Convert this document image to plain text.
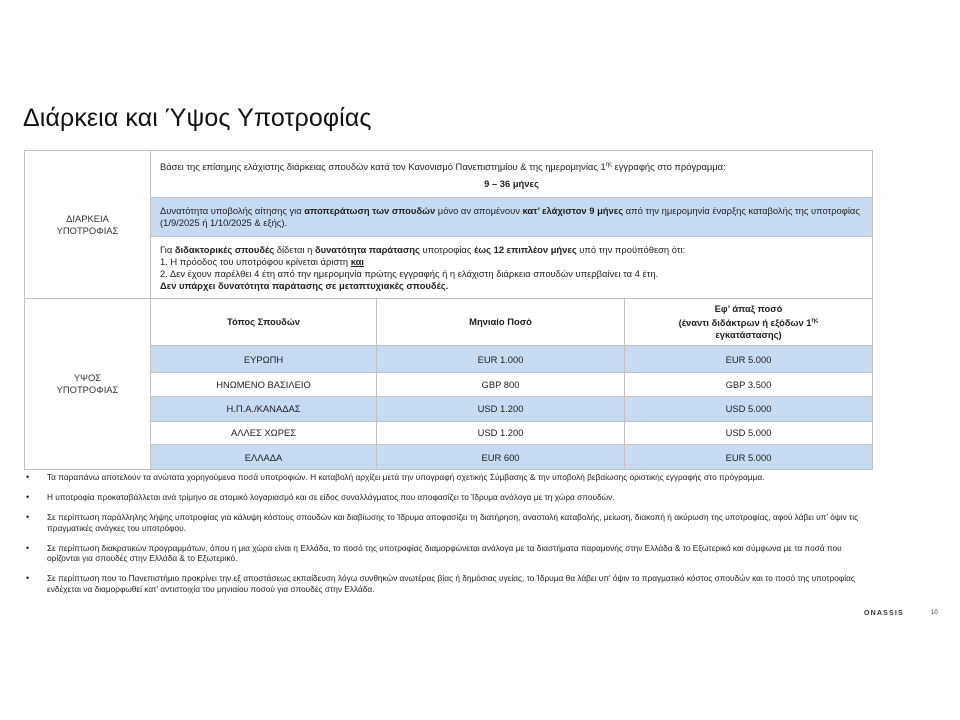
Διάρκεια και Ύψος Υποτροφίας
ΔΙΑΡΚΕΙΑ ΥΠΟΤΡΟΦΙΑΣ	Βάσει της επίσημης ελάχιστης διάρκειας σπουδών κατά τον Κανονισμό Πανεπιστημίου & της ημερομηνίας $1^{\eta\varsigma}$ εγγραφής στο πρόγραμμα:
9 – 36 μήνες		

	Δυνατότητα υποβολής αίτησης για αποπεράτωση των σπουδών μόνο αν απομένουν κατ’ ελάχιστον 9 μήνες από την ημερομηνία έναρξης καταβολής της υποτροφίας (1/9/2025 ή 1/10/2025 & εξής).		

	Για διδακτορικές σπουδές δίδεται η δυνατότητα παράτασης υποτροφίας έως 12 επιπλέον μήνες υπό την προϋπόθεση ότι:
1. Η πρόοδος του υποτρόφου κρίνεται άριστη και
2. Δεν έχουν παρέλθει 4 έτη από την ημερομηνία πρώτης εγγραφής ή η ελάχιστη διάρκεια σπουδών υπερβαίνει τα 4 έτη.
Δεν υπάρχει δυνατότητα παράτασης σε μεταπτυχιακές σπουδές.		

ΥΨΟΣ ΥΠΟΤΡΟΦΙΑΣ	Τόπος Σπουδών	Μηνιαίο Ποσό	Εφ’ άπαξ ποσό
(έναντι διδάκτρων ή εξόδων $1^{\eta\varsigma}$
εγκατάστασης)

	ΕΥΡΩΠΗ	EUR 1.000	EUR 5.000
	ΗΝΩΜΕΝΟ ΒΑΣΙΛΕΙΟ	GBP 800	GBP 3.500
	Η.Π.Α./ΚΑΝΑΔΑΣ	USD 1.200	USD 5.000
	ΑΛΛΕΣ ΧΩΡΕΣ	USD 1.200	USD 5.000
	ΕΛΛΑΔΑ	EUR 600	EUR 5.000
• Τα παραπάνω αποτελούν τα ανώτατα χορηγούμενα ποσά υποτροφιών. Η καταβολή αρχίζει μετά την υπογραφή σχετικής Σύμβασης & την υποβολή βεβαίωσης οριστικής εγγραφής στο πρόγραμμα.
• Η υποτροφία προκαταβάλλεται ανά τρίμηνο σε ατομικό λογαριασμό και σε είδος συναλλάγματος που αποφασίζει το Ίδρυμα ανάλογα με τη χώρα σπουδών.
• Σε περίπτωση παράλληλης λήψης υποτροφίας για κάλυψη κόστους σπουδών και διαβίωσης το Ίδρυμα αποφασίζει τη διατήρηση, αναστολή καταβολής, μείωση, διακοπή ή ακύρωση της υποτροφίας, αφού λάβει υπ’ όψιν τις πραγματικές ανάγκες του υποτρόφου.
• Σε περίπτωση διακρατικών προγραμμάτων, όπου η μια χώρα είναι η Ελλάδα, το ποσό της υποτροφίας διαμορφώνεται ανάλογα με τα διαστήματα παραμονής στην Ελλάδα & το Εξωτερικό και σύμφωνα με τα ποσά που ορίζονται για σπουδές στην Ελλάδα & το Εξωτερικό.
• Σε περίπτωση που το Πανεπιστήμιο προκρίνει την εξ αποστάσεως εκπαίδευση λόγω συνθηκών ανωτέρας βίας ή δημόσιας υγείας, το Ίδρυμα θα λάβει υπ’ όψιν το πραγματικό κόστος σπουδών και το ποσό της υποτροφίας ενδέχεται να διαμορφωθεί κατ’ αντιστοιχία του μηνιαίου ποσού για σπουδές στην Ελλάδα.
ONASSIS	10
